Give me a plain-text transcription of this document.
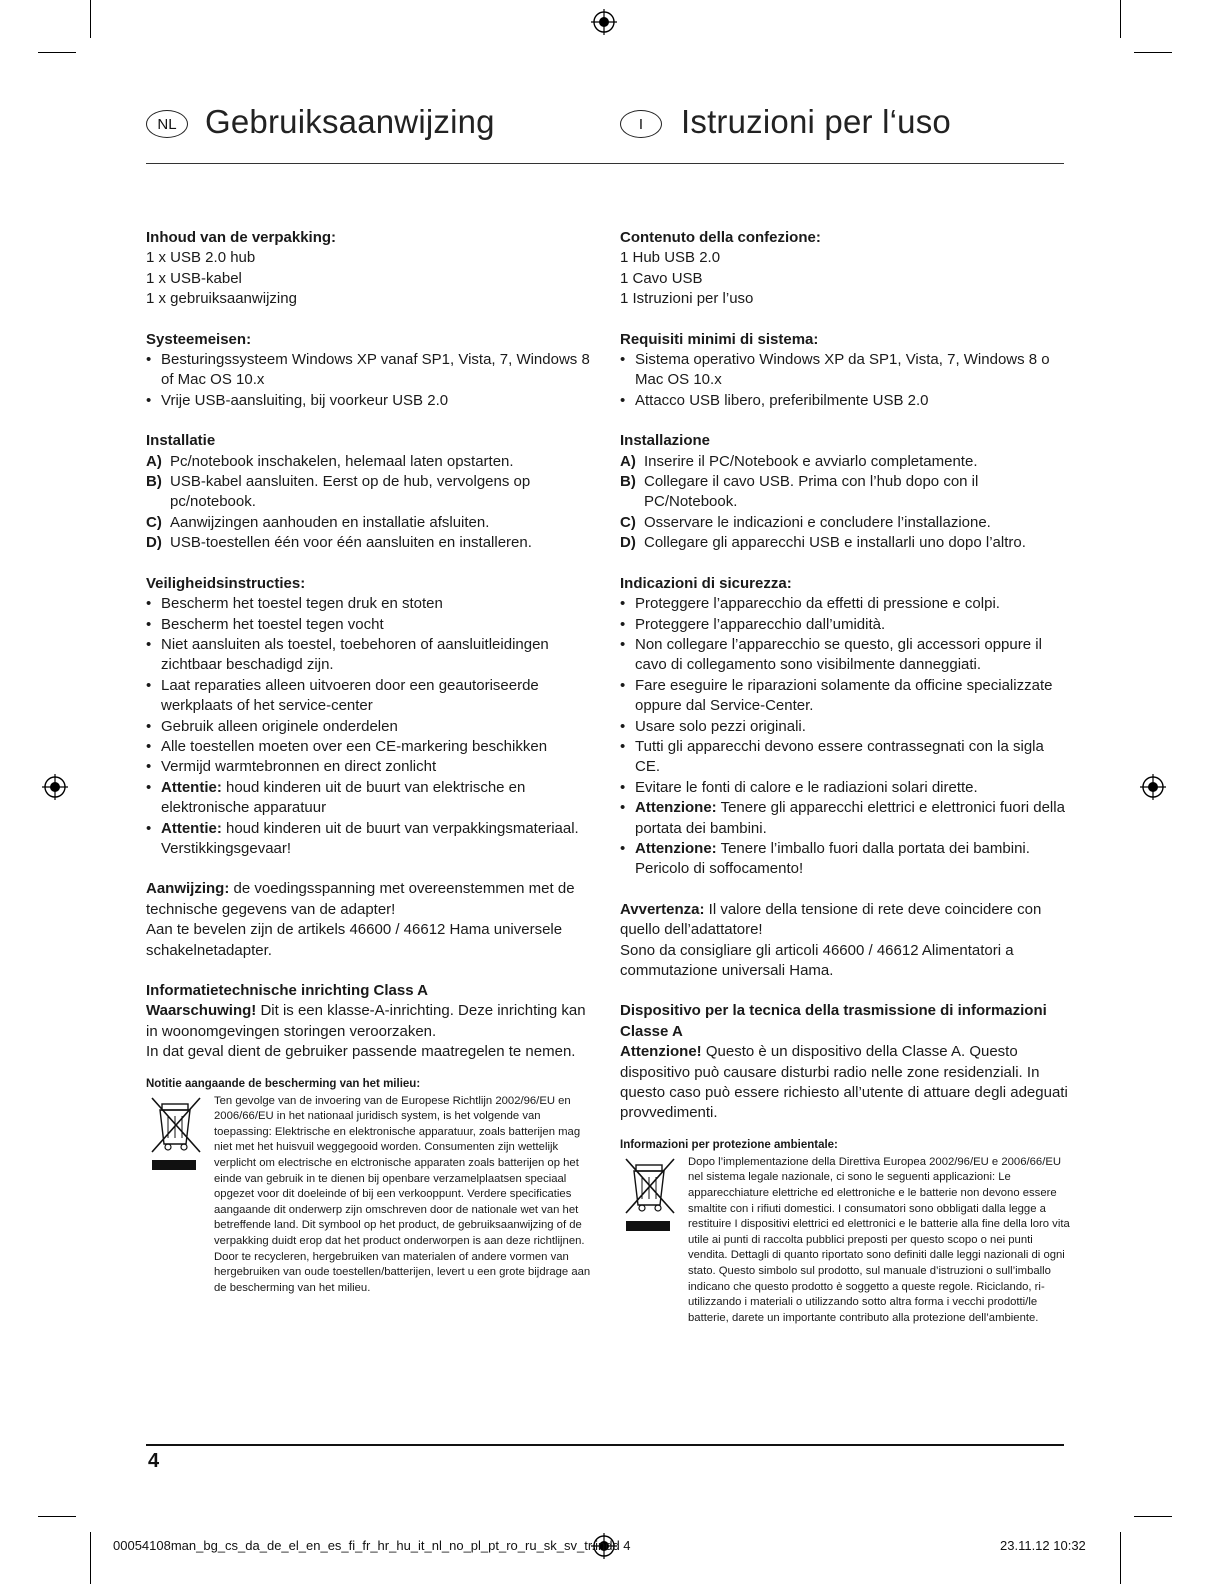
NL Gebruiksaanwijzing	I	Istruzioni per l‘uso

Inhoud van de verpakking:

1 x USB 2.0 hub

1 x USB-kabel

1 x gebruiksaanwijzing

Systeemeisen:

• Besturingssysteem Windows XP vanaf SP1, Vista, 7, Windows 8 of Mac OS 10.x
• Vrije USB-aansluiting, bij voorkeur USB 2.0

Installatie

A) Pc/notebook inschakelen, helemaal laten opstarten.
B) USB-kabel aansluiten. Eerst op de hub, vervolgens op pc/notebook.
C) Aanwijzingen aanhouden en installatie afsluiten.
D) USB-toestellen één voor één aansluiten en installeren.

Veiligheidsinstructies:

• Bescherm het toestel tegen druk en stoten
• Bescherm het toestel tegen vocht
• Niet aansluiten als toestel, toebehoren of aansluitleidingen zichtbaar beschadigd zijn.
• Laat reparaties alleen uitvoeren door een geautoriseerde werkplaats of het service-center
• Gebruik alleen originele onderdelen
• Alle toestellen moeten over een CE-markering beschikken
• Vermijd warmtebronnen en direct zonlicht
• Attentie: houd kinderen uit de buurt van elektrische en elektronische apparatuur
• Attentie: houd kinderen uit de buurt van verpakkingsmateriaal. Verstikkingsgevaar!

Aanwijzing: de voedingsspanning met overeenstemmen met de technische gegevens van de adapter!

Aan te bevelen zijn de artikels 46600 / 46612 Hama universele schakelnetadapter.

Informatietechnische inrichting Class A

Waarschuwing! Dit is een klasse-A-inrichting. Deze inrichting kan in woonomgevingen storingen veroorzaken.

In dat geval dient de gebruiker passende maatregelen te nemen.

Notitie aangaande de bescherming van het milieu:
Ten gevolge van de invoering van de Europese Richtlijn 2002/96/EU en 2006/66/EU in het nationaal juridisch system, is het volgende van toepassing: Elektrische en elektronische apparatuur, zoals batterijen mag niet met het huisvuil weggegooid worden. Consumenten zijn wettelijk verplicht om electrische en elctronische apparaten zoals batterijen op het einde van gebruik in te dienen bij openbare verzamelplaatsen speciaal opgezet voor dit doeleinde of bij een verkooppunt. Verdere specificaties aangaande dit onderwerp zijn omschreven door de nationale wet van het betreffende land. Dit symbool op het product, de gebruiksaanwijzing of de verpakking duidt erop dat het product onderworpen is aan deze richtlijnen. Door te recycleren, hergebruiken van materialen of andere vormen van hergebruiken van oude toestellen/batterijen, levert u een grote bijdrage aan de bescherming van het milieu.

Contenuto della confezione:

1 Hub USB 2.0

1 Cavo USB

1 Istruzioni per l’uso

Requisiti minimi di sistema:

• Sistema operativo Windows XP da SP1, Vista, 7, Windows 8 o Mac OS 10.x
• Attacco USB libero, preferibilmente USB 2.0

Installazione

A) Inserire il PC/Notebook e avviarlo completamente.
B) Collegare il cavo USB. Prima con l’hub dopo con il PC/Notebook.
C) Osservare le indicazioni e concludere l’installazione.
D) Collegare gli apparecchi USB e installarli uno dopo l’altro.

Indicazioni di sicurezza:

• Proteggere l’apparecchio da effetti di pressione e colpi.
• Proteggere l’apparecchio dall’umidità.
• Non collegare l’apparecchio se questo, gli accessori oppure il cavo di collegamento sono visibilmente danneggiati.
• Fare eseguire le riparazioni solamente da officine specializzate oppure dal Service-Center.
• Usare solo pezzi originali.
• Tutti gli apparecchi devono essere contrassegnati con la sigla CE.
• Evitare le fonti di calore e le radiazioni solari dirette.
• Attenzione: Tenere gli apparecchi elettrici e elettronici fuori della portata dei bambini.
• Attenzione: Tenere l’imballo fuori dalla portata dei bambini. Pericolo di soffocamento!

Avvertenza: Il valore della tensione di rete deve coincidere con quello dell’adattatore!

Sono da consigliare gli articoli 46600 / 46612 Alimentatori a commutazione universali Hama.

Dispositivo per la tecnica della trasmissione di informazioni Classe A

Attenzione! Questo è un dispositivo della Classe A. Questo dispositivo può causare disturbi radio nelle zone residenziali. In questo caso può essere richiesto all’utente di attuare degli adeguati provvedimenti.

Informazioni per protezione ambientale:
Dopo l’implementazione della Direttiva Europea 2002/96/EU e 2006/66/EU nel sistema legale nazionale, ci sono le seguenti applicazioni: Le apparecchiature elettriche ed elettroniche e le batterie non devono essere smaltite con i rifiuti domestici. I consumatori sono obbligati dalla legge a restituire I dispositivi elettrici ed elettronici e le batterie alla fine della loro vita utile ai punti di raccolta pubblici preposti per questo scopo o nei punti vendita. Dettagli di quanto riportato sono definiti dalle leggi nazionali di ogni stato. Questo simbolo sul prodotto, sul manuale d’istruzioni o sull’imballo indicano che questo prodotto è soggetto a queste regole. Riciclando, ri-utilizzando i materiali o utilizzando sotto altra forma i vecchi prodotti/le batterie, darete un importante contributo alla protezione dell’ambiente.
4
00054108man_bg_cs_da_de_el_en_es_fi_fr_hr_hu_it_nl_no_pl_pt_ro_ru_sk_sv_tr.indd 4	23.11.12 10:32
